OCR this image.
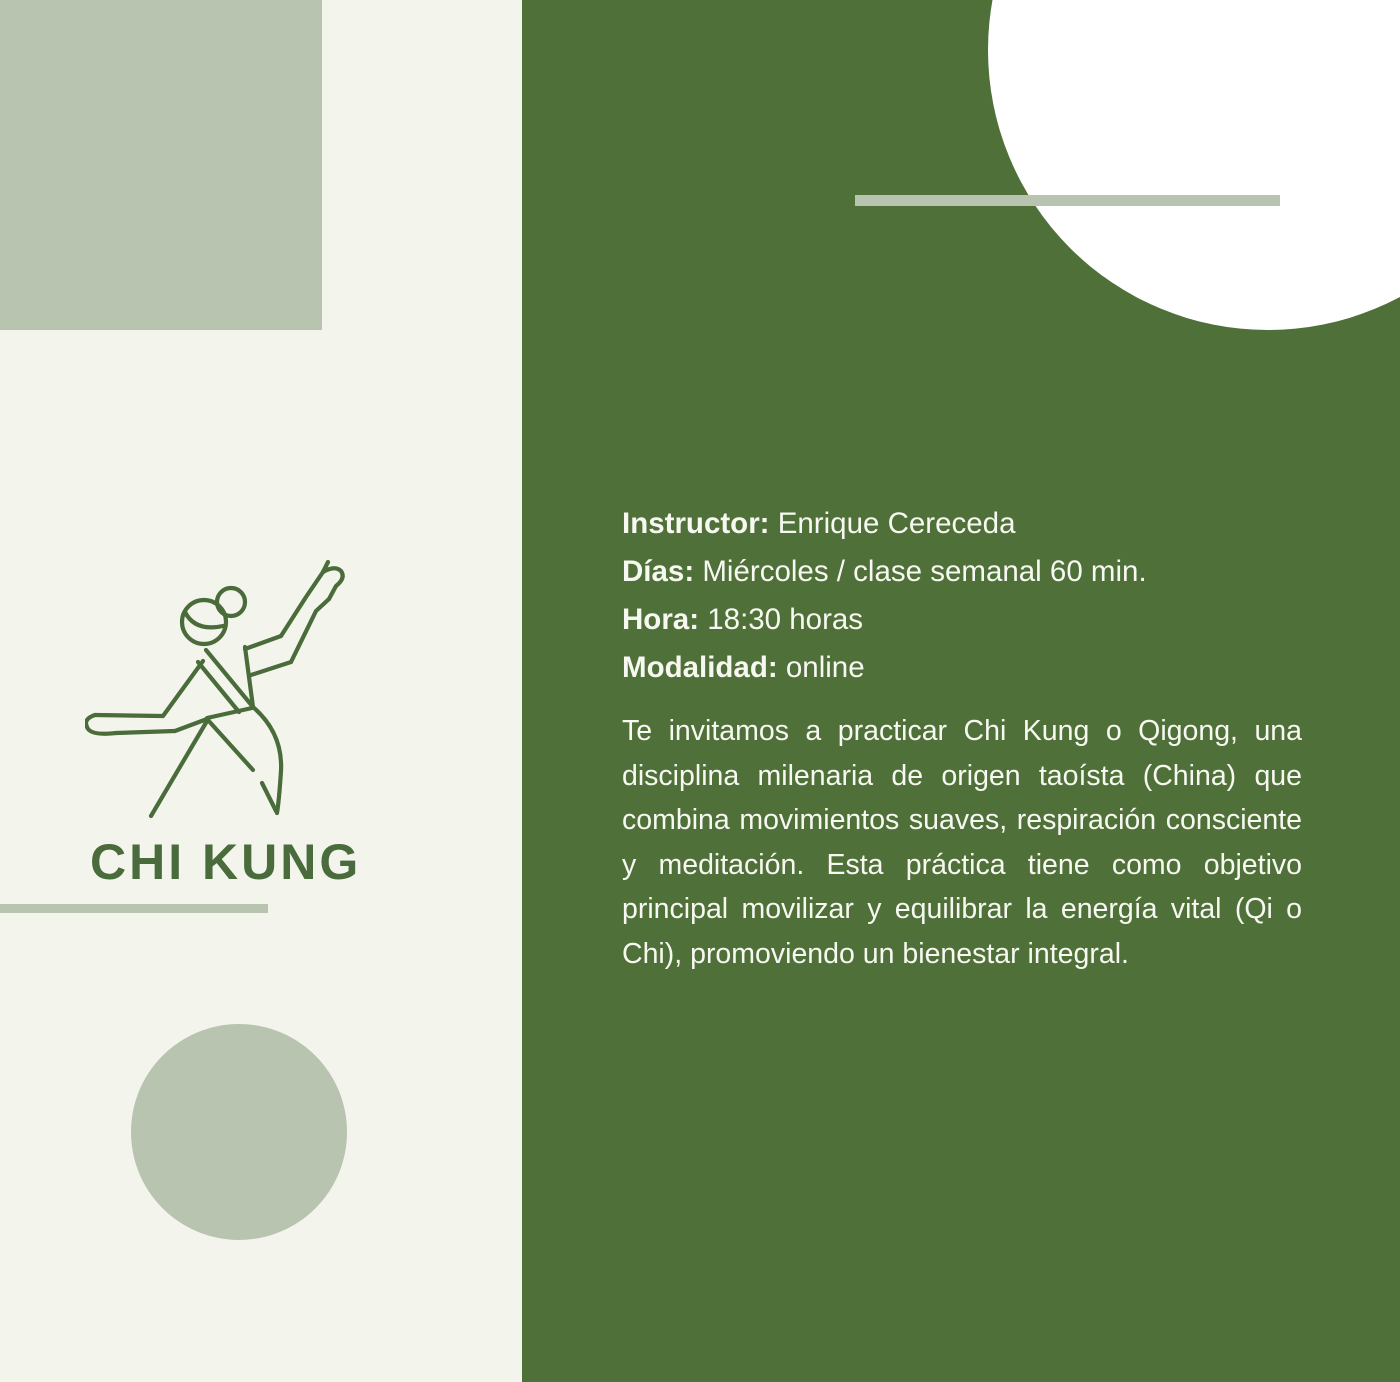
CHI KUNG

Instructor: Enrique Cereceda

Días: Miércoles / clase semanal 60 min.

Hora: 18:30 horas

Modalidad: online

Te invitamos a practicar Chi Kung o Qigong, una disciplina milenaria de origen taoísta (China) que combina movimientos suaves, respiración consciente y meditación. Esta práctica tiene como objetivo principal movilizar y equilibrar la energía vital (Qi o Chi), promoviendo un bienestar integral.
